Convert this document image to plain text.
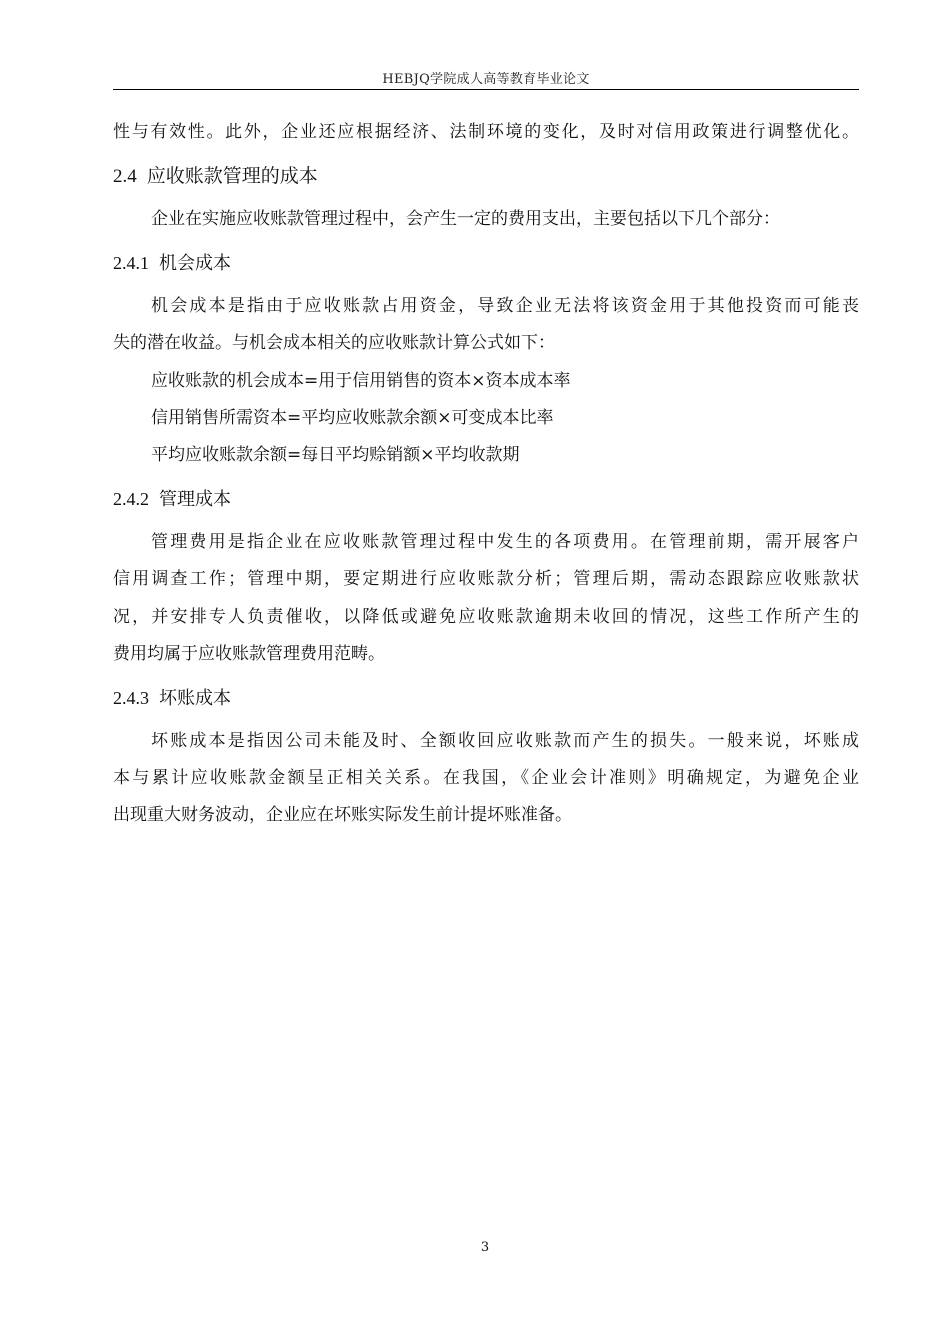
HEBJQ学院成人高等教育毕业论文
性与有效性。此外，企业还应根据经济、法制环境的变化，及时对信用政策进行调整优化。
2.4 应收账款管理的成本
企业在实施应收账款管理过程中，会产生一定的费用支出，主要包括以下几个部分：
2.4.1 机会成本
机会成本是指由于应收账款占用资金，导致企业无法将该资金用于其他投资而可能丧
失的潜在收益。与机会成本相关的应收账款计算公式如下：
应收账款的机会成本=用于信用销售的资本×资本成本率
信用销售所需资本=平均应收账款余额×可变成本比率
平均应收账款余额=每日平均赊销额×平均收款期
2.4.2 管理成本
管理费用是指企业在应收账款管理过程中发生的各项费用。在管理前期，需开展客户
信用调查工作；管理中期，要定期进行应收账款分析；管理后期，需动态跟踪应收账款状
况，并安排专人负责催收，以降低或避免应收账款逾期未收回的情况，这些工作所产生的
费用均属于应收账款管理费用范畴。
2.4.3 坏账成本
坏账成本是指因公司未能及时、全额收回应收账款而产生的损失。一般来说，坏账成
本与累计应收账款金额呈正相关关系。在我国，《企业会计准则》明确规定，为避免企业
出现重大财务波动，企业应在坏账实际发生前计提坏账准备。
3
